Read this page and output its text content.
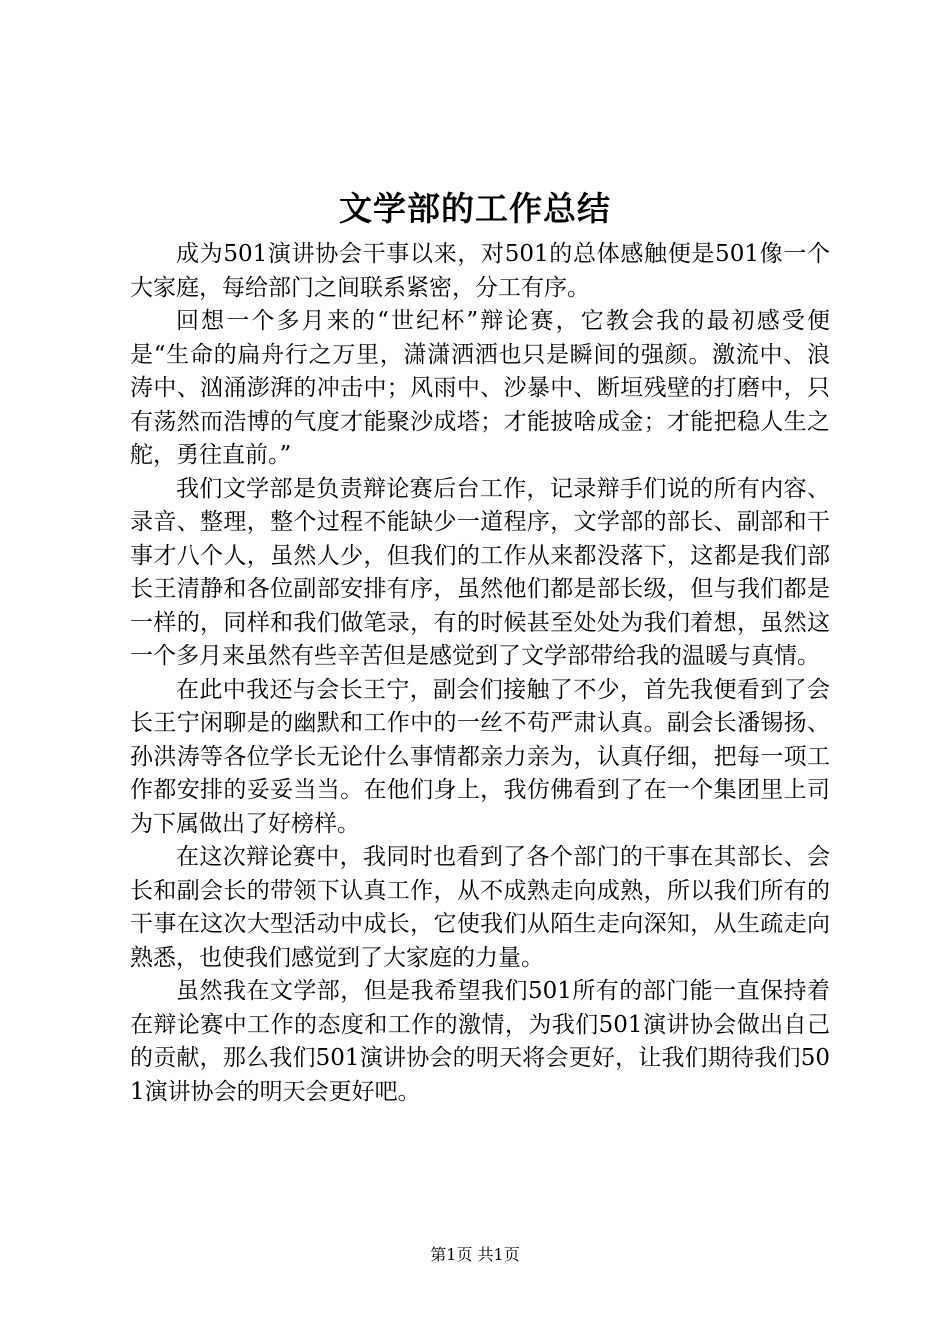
文学部的工作总结

成为501演讲协会干事以来，对501的总体感触便是501像一个大家庭，每给部门之间联系紧密，分工有序。

回想一个多月来的“世纪杯”辩论赛，它教会我的最初感受便是“生命的扁舟行之万里，潇潇洒洒也只是瞬间的强颜。激流中、浪涛中、汹涌澎湃的冲击中；风雨中、沙暴中、断垣残壁的打磨中，只有荡然而浩博的气度才能聚沙成塔；才能披啥成金；才能把稳人生之舵，勇往直前。”

我们文学部是负责辩论赛后台工作，记录辩手们说的所有内容、录音、整理，整个过程不能缺少一道程序，文学部的部长、副部和干事才八个人，虽然人少，但我们的工作从来都没落下，这都是我们部长王清静和各位副部安排有序，虽然他们都是部长级，但与我们都是一样的，同样和我们做笔录，有的时候甚至处处为我们着想，虽然这一个多月来虽然有些辛苦但是感觉到了文学部带给我的温暖与真情。

在此中我还与会长王宁，副会们接触了不少，首先我便看到了会长王宁闲聊是的幽默和工作中的一丝不苟严肃认真。副会长潘锡扬、孙洪涛等各位学长无论什么事情都亲力亲为，认真仔细，把每一项工作都安排的妥妥当当。在他们身上，我仿佛看到了在一个集团里上司为下属做出了好榜样。

在这次辩论赛中，我同时也看到了各个部门的干事在其部长、会长和副会长的带领下认真工作，从不成熟走向成熟，所以我们所有的干事在这次大型活动中成长，它使我们从陌生走向深知，从生疏走向熟悉，也使我们感觉到了大家庭的力量。

虽然我在文学部，但是我希望我们501所有的部门能一直保持着在辩论赛中工作的态度和工作的激情，为我们501演讲协会做出自己的贡献，那么我们501演讲协会的明天将会更好，让我们期待我们501演讲协会的明天会更好吧。

第1页 共1页
